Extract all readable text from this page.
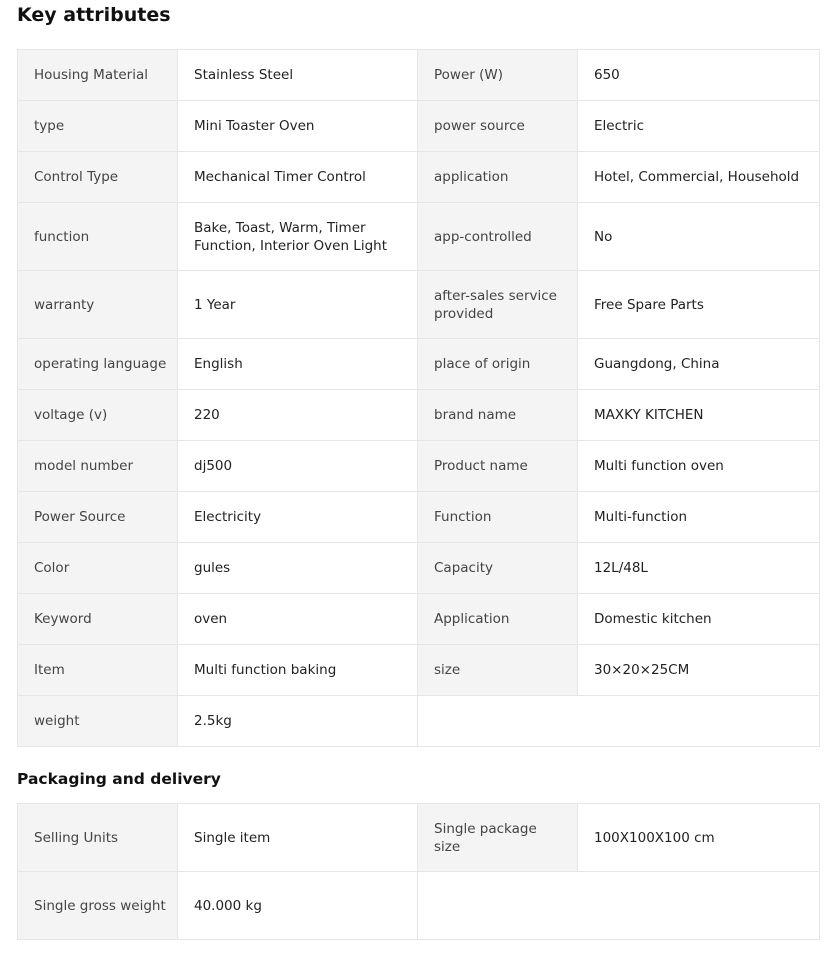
Key attributes
Housing Material	Stainless Steel	Power (W)	650
type	Mini Toaster Oven	power source	Electric
Control Type	Mechanical Timer Control	application	Hotel, Commercial, Household
function	Bake, Toast, Warm, Timer Function, Interior Oven Light	app-controlled	No
warranty	1 Year	after-sales service provided	Free Spare Parts
operating language	English	place of origin	Guangdong, China
voltage (v)	220	brand name	MAXKY KITCHEN
model number	dj500	Product name	Multi function oven
Power Source	Electricity	Function	Multi-function
Color	gules	Capacity	12L/48L
Keyword	oven	Application	Domestic kitchen
Item	Multi function baking	size	30×20×25CM
weight	2.5kg		
Packaging and delivery
Selling Units	Single item	Single package size	100X100X100 cm
Single gross weight	40.000 kg		
